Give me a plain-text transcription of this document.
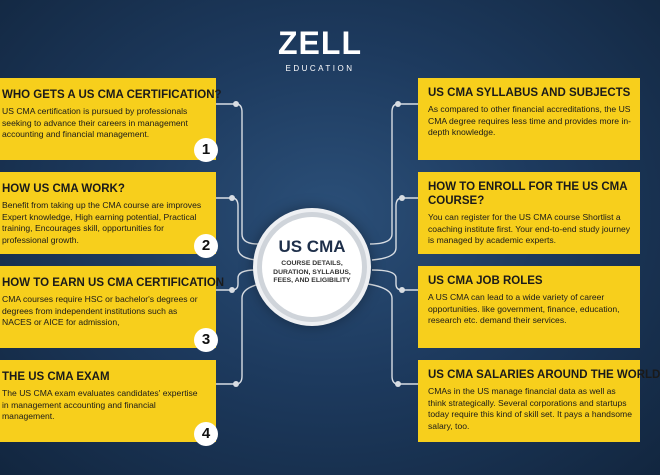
ZELL
EDUCATION
WHO GETS A US CMA CERTIFICATION?

US CMA certification is pursued by professionals seeking to advance their careers in management accounting and financial management.

1
HOW US CMA WORK?

Benefit from taking up the CMA course are improves Expert knowledge, High earning potential, Practical training, Encourages skill, opportunities for professional growth.	2
HOW TO EARN US CMA CERTIFICATION

CMA courses require HSC or bachelor's degrees or degrees from independent institutions such as NACES or AICE for admission,

3
THE US CMA EXAM

The US CMA exam evaluates candidates' expertise in management accounting and financial management.

4
US CMA
COURSE DETAILS, DURATION, SYLLABUS, FEES, AND ELIGIBILITY
US CMA SYLLABUS AND SUBJECTS

As compared to other financial accreditations, the US CMA degree requires less time and provides more in-depth knowledge.

HOW TO ENROLL FOR THE US CMA COURSE?

You can register for the US CMA course Shortlist a coaching institute first. Your end-to-end study journey is managed by academic experts.

US CMA JOB ROLES

A US CMA can lead to a wide variety of career opportunities. like government, finance, education, research etc. demand their services.

US CMA SALARIES AROUND THE WORLD

CMAs in the US manage financial data as well as think strategically. Several corporations and startups today require this kind of skill set. It pays a handsome salary, too.
